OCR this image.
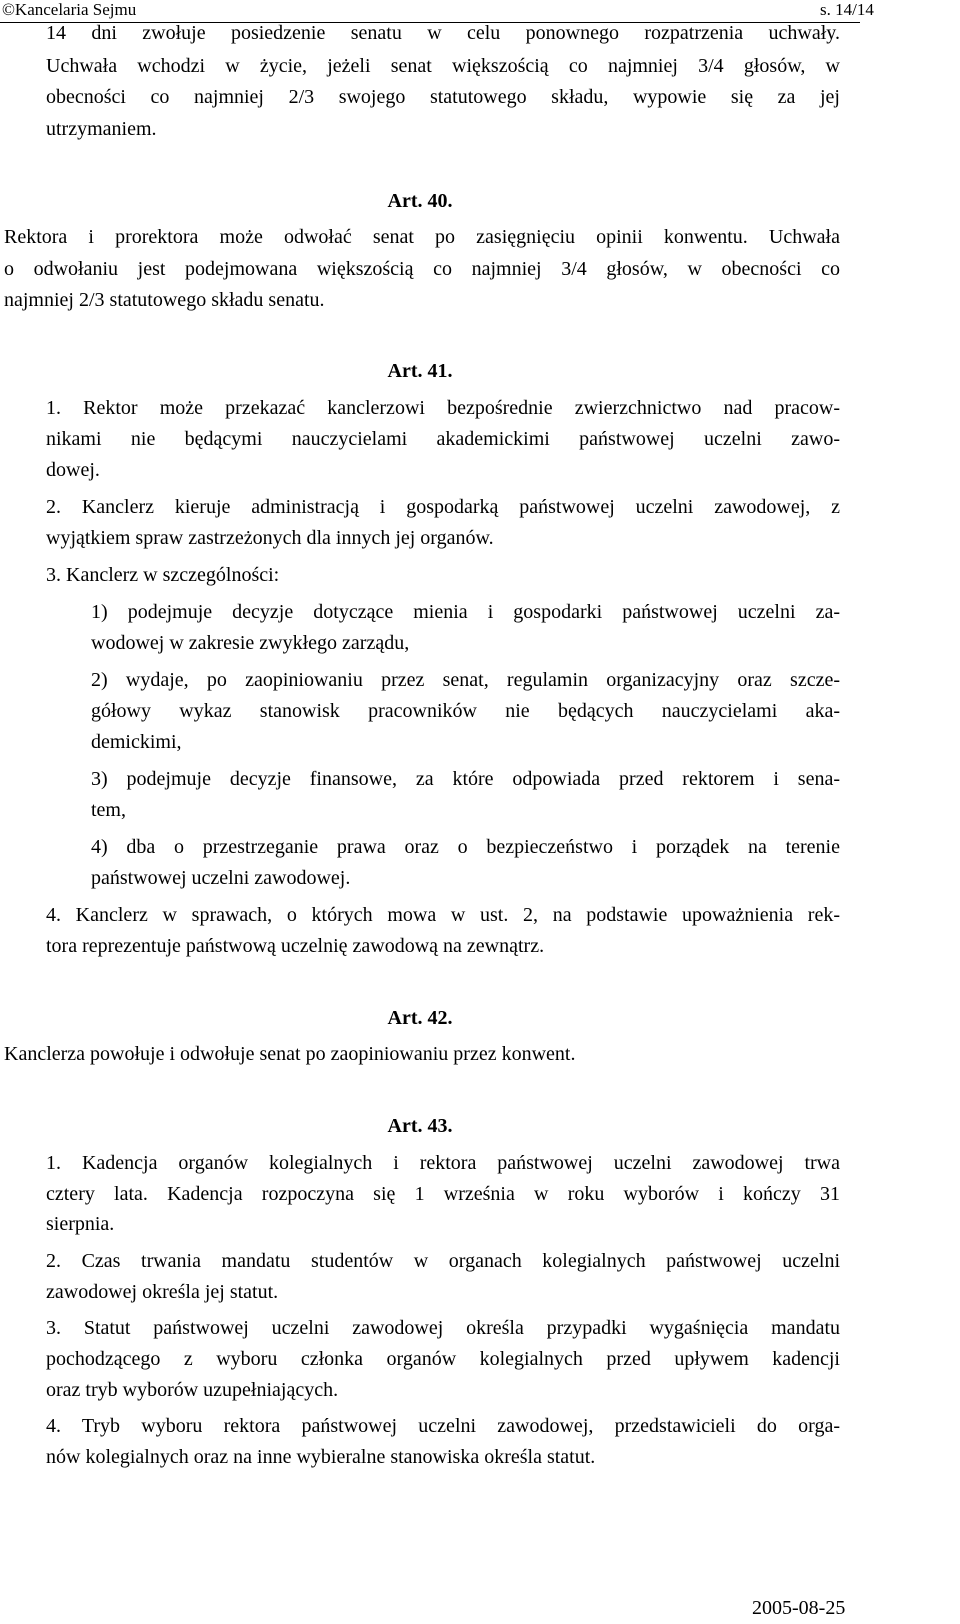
©Kancelaria Sejmu	s. 14/14
14 dni zwołuje posiedzenie senatu w celu ponownego rozpatrzenia uchwały.
Uchwała wchodzi w życie, jeżeli senat większością co najmniej 3/4 głosów, w
obecności co najmniej 2/3 swojego statutowego składu, wypowie się za jej
utrzymaniem.
Art. 40.
Rektora i prorektora może odwołać senat po zasięgnięciu opinii konwentu. Uchwała
o odwołaniu jest podejmowana większością co najmniej 3/4 głosów, w obecności co
najmniej 2/3 statutowego składu senatu.
Art. 41.
1. Rektor może przekazać kanclerzowi bezpośrednie zwierzchnictwo nad pracow-
nikami nie będącymi nauczycielami akademickimi państwowej uczelni zawo-
dowej.
2. Kanclerz kieruje administracją i gospodarką państwowej uczelni zawodowej, z
wyjątkiem spraw zastrzeżonych dla innych jej organów.
3. Kanclerz w szczególności:
1) podejmuje decyzje dotyczące mienia i gospodarki państwowej uczelni za-
wodowej w zakresie zwykłego zarządu,
2) wydaje, po zaopiniowaniu przez senat, regulamin organizacyjny oraz szcze-
gółowy wykaz stanowisk pracowników nie będących nauczycielami aka-
demickimi,
3) podejmuje decyzje finansowe, za które odpowiada przed rektorem i sena-
tem,
4) dba o przestrzeganie prawa oraz o bezpieczeństwo i porządek na terenie
państwowej uczelni zawodowej.
4. Kanclerz w sprawach, o których mowa w ust. 2, na podstawie upoważnienia rek-
tora reprezentuje państwową uczelnię zawodową na zewnątrz.
Art. 42.
Kanclerza powołuje i odwołuje senat po zaopiniowaniu przez konwent.
Art. 43.
1. Kadencja organów kolegialnych i rektora państwowej uczelni zawodowej trwa
cztery lata. Kadencja rozpoczyna się 1 września w roku wyborów i kończy 31
sierpnia.
2. Czas trwania mandatu studentów w organach kolegialnych państwowej uczelni
zawodowej określa jej statut.
3. Statut państwowej uczelni zawodowej określa przypadki wygaśnięcia mandatu
pochodzącego z wyboru członka organów kolegialnych przed upływem kadencji
oraz tryb wyborów uzupełniających.
4. Tryb wyboru rektora państwowej uczelni zawodowej, przedstawicieli do orga-
nów kolegialnych oraz na inne wybieralne stanowiska określa statut.
2005-08-25
